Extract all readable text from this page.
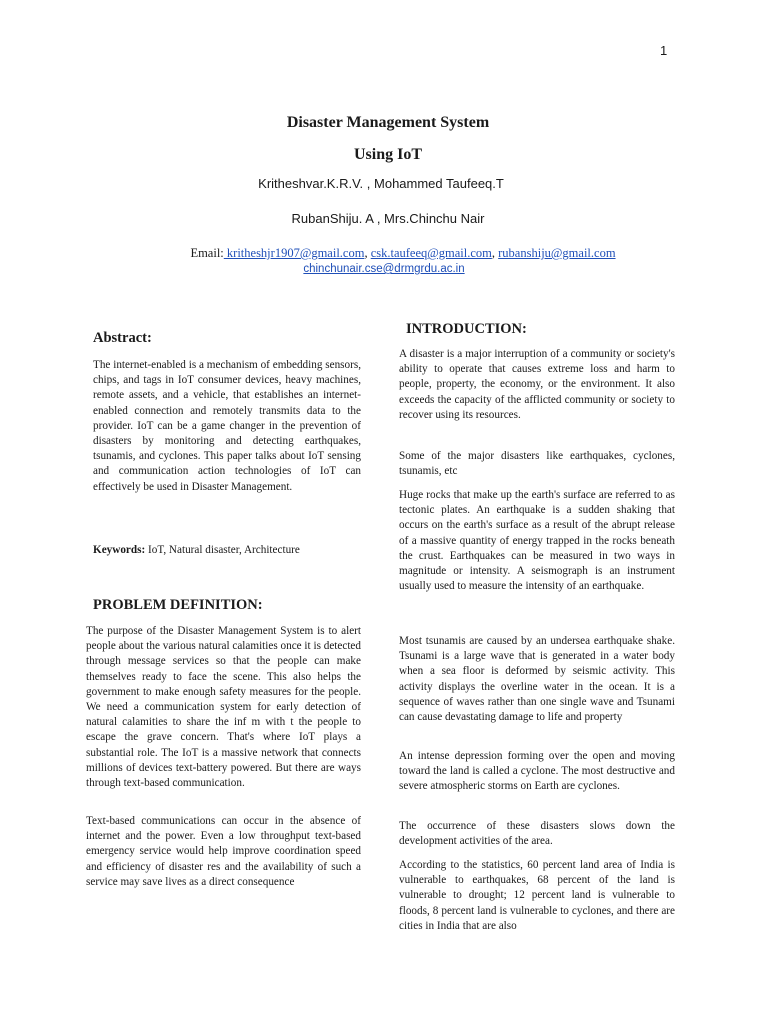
1
Disaster Management System
Using IoT
Kritheshvar.K.R.V. , Mohammed Taufeeq.T
RubanShiju. A , Mrs.Chinchu Nair
Email: kritheshjr1907@gmail.com, csk.taufeeq@gmail.com, rubanshiju@gmail.com
chinchunair.cse@drmgrdu.ac.in
Abstract:

The internet-enabled is a mechanism of embedding sensors, chips, and tags in IoT consumer devices, heavy machines, remote assets, and a vehicle, that establishes an internet-enabled connection and remotely transmits data to the provider. IoT can be a game changer in the prevention of disasters by monitoring and detecting earthquakes, tsunamis, and cyclones. This paper talks about IoT sensing and communication action technologies of IoT can effectively be used in Disaster Management.

Keywords: IoT, Natural disaster, Architecture

PROBLEM DEFINITION:

The purpose of the Disaster Management System is to alert people about the various natural calamities once it is detected through message services so that the people can make themselves ready to face the scene. This also helps the government to make enough safety measures for the people. We need a communication system for early detection of natural calamities to share the inf m with t the people to escape the grave concern. That's where IoT plays a substantial role. The IoT is a massive network that connects millions of devices text-battery powered. But there are ways through text-based communication.

Text-based communications can occur in the absence of internet and the power. Even a low throughput text-based emergency service would help improve coordination speed and efficiency of disaster res and the availability of such a service may save lives as a direct consequence

INTRODUCTION:

A disaster is a major interruption of a community or society's ability to operate that causes extreme loss and harm to people, property, the economy, or the environment. It also exceeds the capacity of the afflicted community or society to recover using its resources.

Some of the major disasters like earthquakes, cyclones, tsunamis, etc

Huge rocks that make up the earth's surface are referred to as tectonic plates. An earthquake is a sudden shaking that occurs on the earth's surface as a result of the abrupt release of a massive quantity of energy trapped in the rocks beneath the crust. Earthquakes can be measured in two ways in magnitude or intensity. A seismograph is an instrument usually used to measure the intensity of an earthquake.

Most tsunamis are caused by an undersea earthquake shake. Tsunami is a large wave that is generated in a water body when a sea floor is deformed by seismic activity. This activity displays the overline water in the ocean. It is a sequence of waves rather than one single wave and Tsunami can cause devastating damage to life and property

An intense depression forming over the open and moving toward the land is called a cyclone. The most destructive and severe atmospheric storms on Earth are cyclones.

The occurrence of these disasters slows down the development activities of the area.

According to the statistics, 60 percent land area of India is vulnerable to earthquakes, 68 percent of the land is vulnerable to drought; 12 percent land is vulnerable to floods, 8 percent land is vulnerable to cyclones, and there are cities in India that are also
